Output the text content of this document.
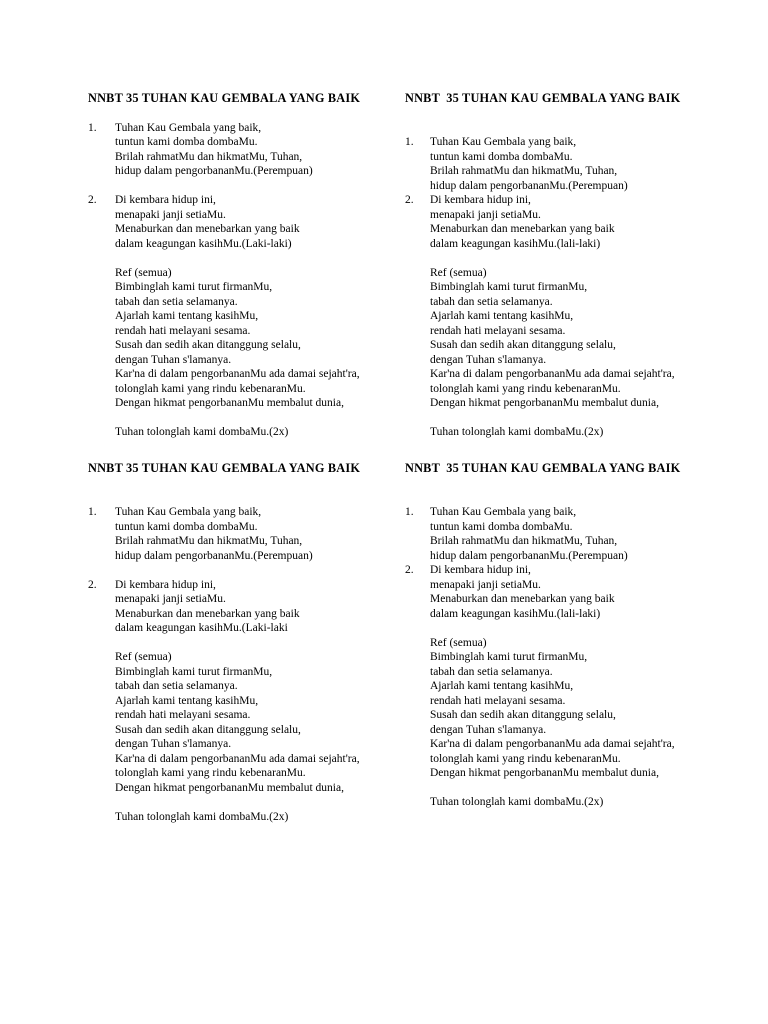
NNBT 35 TUHAN KAU GEMBALA YANG BAIK
1.	Tuhan Kau Gembala yang baik,
tuntun kami domba dombaMu.
Brilah rahmatMu dan hikmatMu, Tuhan,
hidup dalam pengorbananMu.(Perempuan)
2.	Di kembara hidup ini,
menapaki janji setiaMu.
Menaburkan dan menebarkan yang baik
dalam keagungan kasihMu.(Laki-laki)
Ref (semua)
Bimbinglah kami turut firmanMu,
tabah dan setia selamanya.
Ajarlah kami tentang kasihMu,
rendah hati melayani sesama.
Susah dan sedih akan ditanggung selalu,
dengan Tuhan s'lamanya.
Kar'na di dalam pengorbananMu ada damai sejaht'ra,
tolonglah kami yang rindu kebenaranMu.
Dengan hikmat pengorbananMu membalut dunia,
Tuhan tolonglah kami dombaMu.(2x)
NNBT  35 TUHAN KAU GEMBALA YANG BAIK
1.	Tuhan Kau Gembala yang baik,
tuntun kami domba dombaMu.
Brilah rahmatMu dan hikmatMu, Tuhan,
hidup dalam pengorbananMu.(Perempuan)
2.	Di kembara hidup ini,
menapaki janji setiaMu.
Menaburkan dan menebarkan yang baik
dalam keagungan kasihMu.(lali-laki)
Ref (semua)
Bimbinglah kami turut firmanMu,
tabah dan setia selamanya.
Ajarlah kami tentang kasihMu,
rendah hati melayani sesama.
Susah dan sedih akan ditanggung selalu,
dengan Tuhan s'lamanya.
Kar'na di dalam pengorbananMu ada damai sejaht'ra,
tolonglah kami yang rindu kebenaranMu.
Dengan hikmat pengorbananMu membalut dunia,
Tuhan tolonglah kami dombaMu.(2x)
NNBT 35 TUHAN KAU GEMBALA YANG BAIK
1.	Tuhan Kau Gembala yang baik,
tuntun kami domba dombaMu.
Brilah rahmatMu dan hikmatMu, Tuhan,
hidup dalam pengorbananMu.(Perempuan)
2.	Di kembara hidup ini,
menapaki janji setiaMu.
Menaburkan dan menebarkan yang baik
dalam keagungan kasihMu.(Laki-laki
Ref (semua)
Bimbinglah kami turut firmanMu,
tabah dan setia selamanya.
Ajarlah kami tentang kasihMu,
rendah hati melayani sesama.
Susah dan sedih akan ditanggung selalu,
dengan Tuhan s'lamanya.
Kar'na di dalam pengorbananMu ada damai sejaht'ra,
tolonglah kami yang rindu kebenaranMu.
Dengan hikmat pengorbananMu membalut dunia,
Tuhan tolonglah kami dombaMu.(2x)
NNBT  35 TUHAN KAU GEMBALA YANG BAIK
1.	Tuhan Kau Gembala yang baik,
tuntun kami domba dombaMu.
Brilah rahmatMu dan hikmatMu, Tuhan,
hidup dalam pengorbananMu.(Perempuan)
2.	Di kembara hidup ini,
menapaki janji setiaMu.
Menaburkan dan menebarkan yang baik
dalam keagungan kasihMu.(lali-laki)
Ref (semua)
Bimbinglah kami turut firmanMu,
tabah dan setia selamanya.
Ajarlah kami tentang kasihMu,
rendah hati melayani sesama.
Susah dan sedih akan ditanggung selalu,
dengan Tuhan s'lamanya.
Kar'na di dalam pengorbananMu ada damai sejaht'ra,
tolonglah kami yang rindu kebenaranMu.
Dengan hikmat pengorbananMu membalut dunia,
Tuhan tolonglah kami dombaMu.(2x)
